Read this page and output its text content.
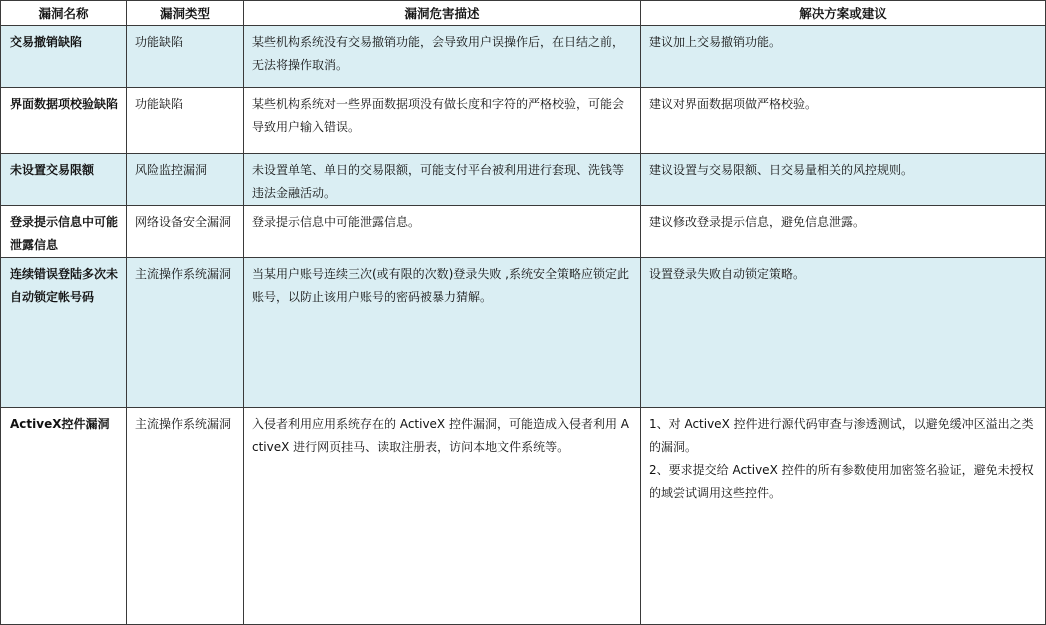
漏洞名称	漏洞类型	漏洞危害描述	解决方案或建议

交易撤销缺陷	功能缺陷	某些机构系统没有交易撤销功能，会导致用户误操作后，在日结之前，无法将操作取消。	建议加上交易撤销功能。

界面数据项校验缺陷	功能缺陷	某些机构系统对一些界面数据项没有做长度和字符的严格校验，可能会导致用户输入错误。	建议对界面数据项做严格校验。

未设置交易限额	风险监控漏洞	未设置单笔、单日的交易限额，可能支付平台被利用进行套现、洗钱等违法金融活动。	建议设置与交易限额、日交易量相关的风控规则。

登录提示信息中可能泄露信息	网络设备安全漏洞	登录提示信息中可能泄露信息。	建议修改登录提示信息，避免信息泄露。

连续错误登陆多次未自动锁定帐号码	主流操作系统漏洞	当某用户账号连续三次(或有限的次数)登录失败 ,系统安全策略应锁定此账号，以防止该用户账号的密码被暴力猜解。	设置登录失败自动锁定策略。

ActiveX控件漏洞	主流操作系统漏洞	入侵者利用应用系统存在的 ActiveX 控件漏洞，可能造成入侵者利用 ActiveX 进行网页挂马、读取注册表，访问本地文件系统等。	1、对 ActiveX 控件进行源代码审查与渗透测试，以避免缓冲区溢出之类的漏洞。
2、要求提交给 ActiveX 控件的所有参数使用加密签名验证，避免未授权的域尝试调用这些控件。
